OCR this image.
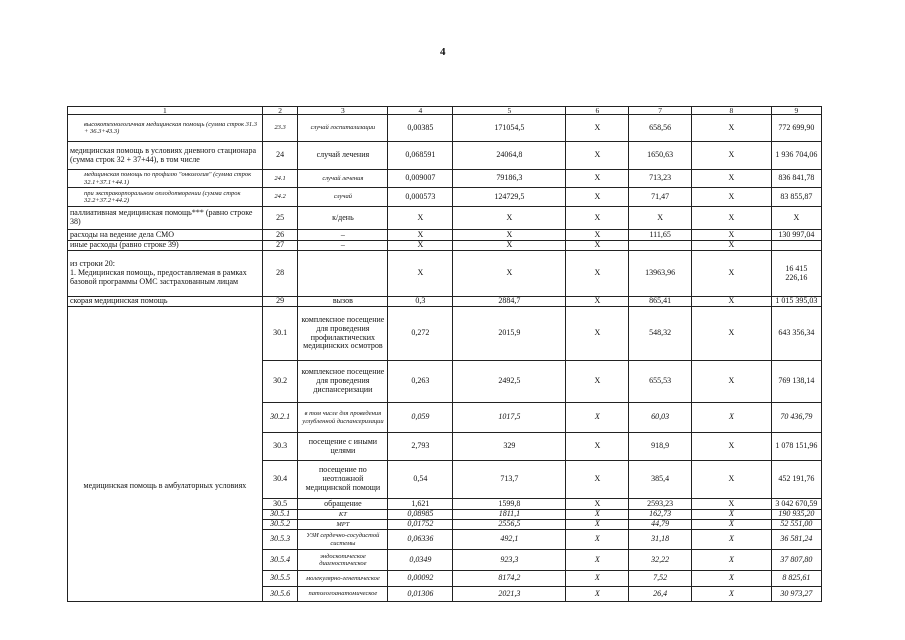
4
1	2	3	4	5	6	7	8	9
высокотехнологичная медицинская помощь (сумма строк 31.3 + 36.3+43.3)	23.3	случай госпитализации	0,00385	171054,5	X	658,56	X	772 699,90
медицинская помощь в условиях дневного стационара (сумма строк 32 + 37+44), в том числе	24	случай лечения	0,068591	24064,8	X	1650,63	X	1 936 704,06
медицинская помощь по профилю "онкология" (сумма строк 32.1+37.1+44.1)	24.1	случай лечения	0,009007	79186,3	X	713,23	X	836 841,78
при экстракорпоральном оплодотворении (сумма строк 32.2+37.2+44.2)	24.2	случай	0,000573	124729,5	X	71,47	X	83 855,87
паллиативная медицинская помощь*** (равно строке 38)	25	к/день	X	X	X	X	X	X
расходы на ведение дела СМО	26	–	X	X	X	111,65	X	130 997,04
иные расходы (равно строке 39)	27	–	X	X	X		X	
из строки 20:
1. Медицинская помощь, предоставляемая в рамках базовой программы ОМС застрахованным лицам	28		X	X	X	13963,96	X	16 415 226,16
скорая медицинская помощь	29	вызов	0,3	2884,7	X	865,41	X	1 015 395,03
медицинская помощь в амбулаторных условиях	30.1	комплексное посещение для проведения профилактических медицинских осмотров	0,272	2015,9	X	548,32	X	643 356,34
	30.2	комплексное посещение для проведения диспансеризации	0,263	2492,5	X	655,53	X	769 138,14
	30.2.1	в том числе для проведения углубленной диспансеризации	0,059	1017,5	X	60,03	X	70 436,79
	30.3	посещение с иными целями	2,793	329	X	918,9	X	1 078 151,96
	30.4	посещение по неотложной медицинской помощи	0,54	713,7	X	385,4	X	452 191,76
	30.5	обращение	1,621	1599,8	X	2593,23	X	3 042 670,59
	30.5.1	КТ	0,08985	1811,1	X	162,73	X	190 935,20
	30.5.2	МРТ	0,01752	2556,5	X	44,79	X	52 551,00
	30.5.3	УЗИ сердечно-сосудистой системы	0,06336	492,1	X	31,18	X	36 581,24
	30.5.4	эндоскопическое диагностическое	0,0349	923,3	X	32,22	X	37 807,80
	30.5.5	молекулярно-генетическое	0,00092	8174,2	X	7,52	X	8 825,61
	30.5.6	патологоанатомическое	0,01306	2021,3	X	26,4	X	30 973,27
